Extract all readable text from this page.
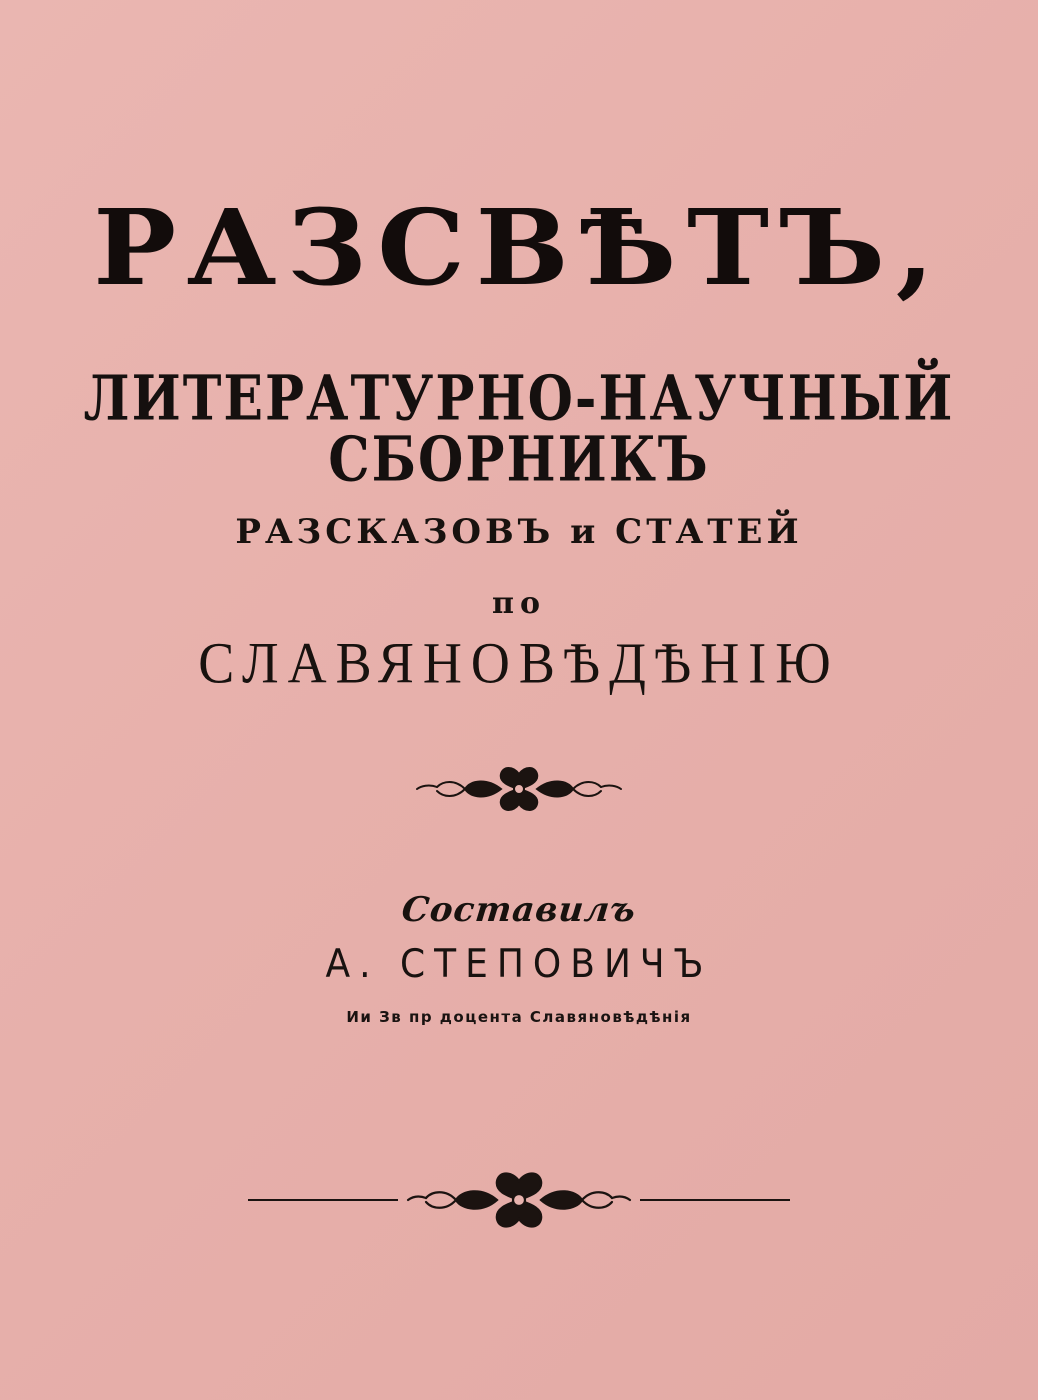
РАЗСВѢТЪ,
ЛИТЕРАТУРНО-НАУЧНЫЙ СБОРНИКЪ
РАЗСКАЗОВЪ и СТАТЕЙ
по
СЛАВЯНОВѢДѢНІЮ
Составилъ
А. СТЕПОВИЧЪ
Ии Зв пр доцента Славяновѣдѣнія
